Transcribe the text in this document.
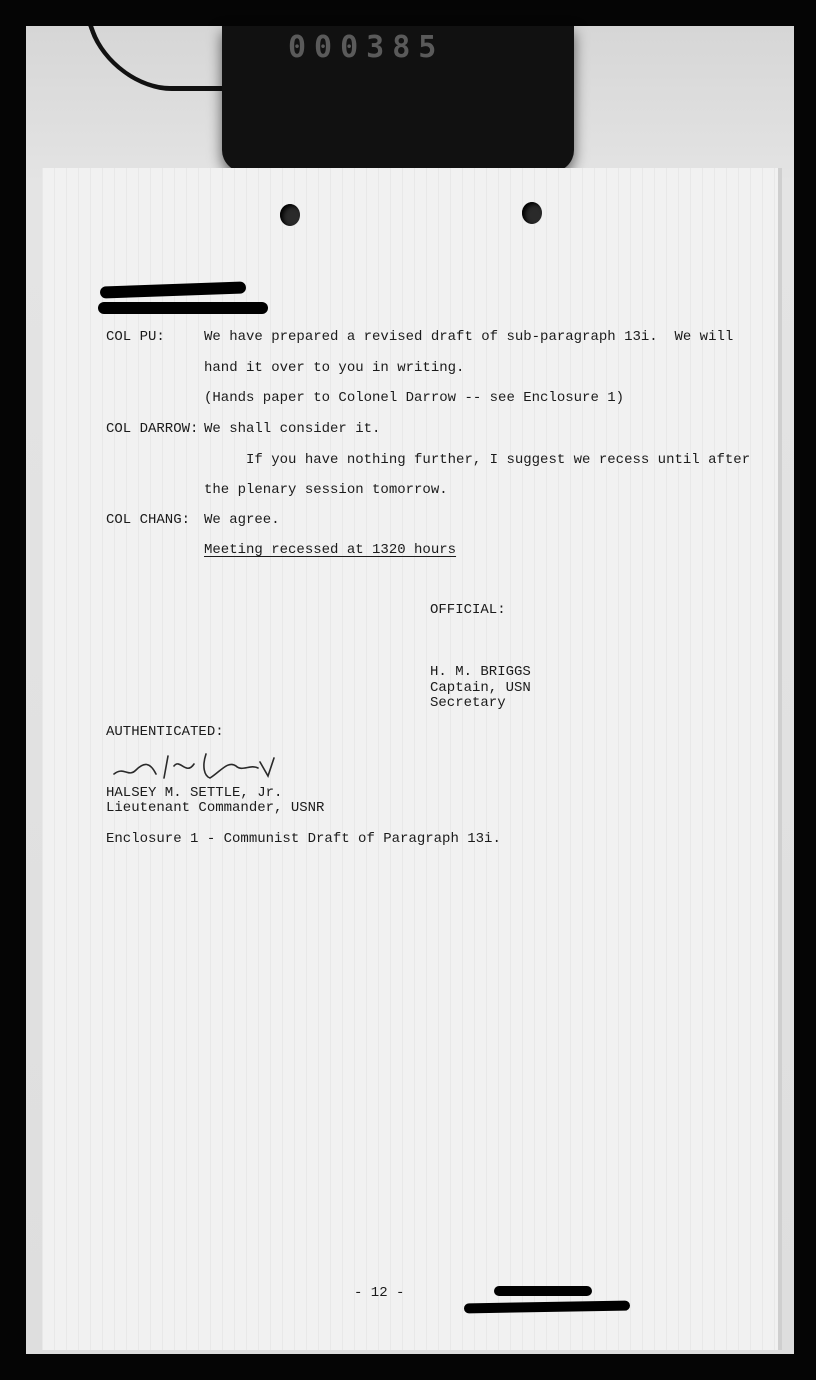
000385
COL PU:	We have prepared a revised draft of sub-paragraph 13i.  We will
hand it over to you in writing.
(Hands paper to Colonel Darrow -- see Enclosure 1)
COL DARROW: We shall consider it.
If you have nothing further, I suggest we recess until after
the plenary session tomorrow.
COL CHANG: We agree.
Meeting recessed at 1320 hours
OFFICIAL:
H. M. BRIGGS
Captain, USN
Secretary
AUTHENTICATED:
HALSEY M. SETTLE, Jr.
Lieutenant Commander, USNR
Enclosure 1 - Communist Draft of Paragraph 13i.
- 12 -
